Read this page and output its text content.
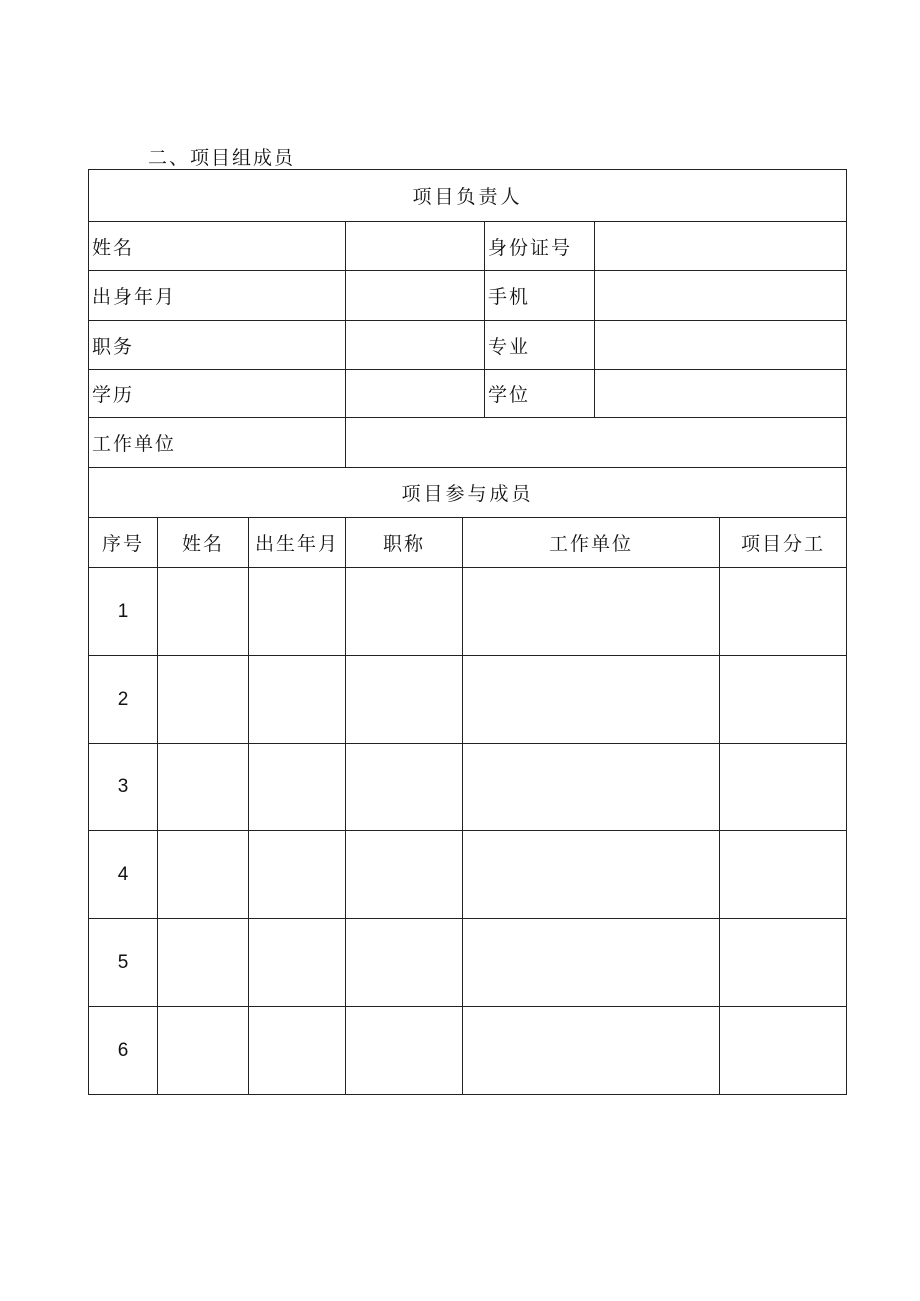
二、项目组成员
项目负责人							
姓名					身份证号		
出身年月					手机		
职务					专业		
学历					学位		
工作单位							
项目参与成员							
序号	姓名	出生年月	职称	工作单位			项目分工
1							
2							
3							
4							
5							
6							
